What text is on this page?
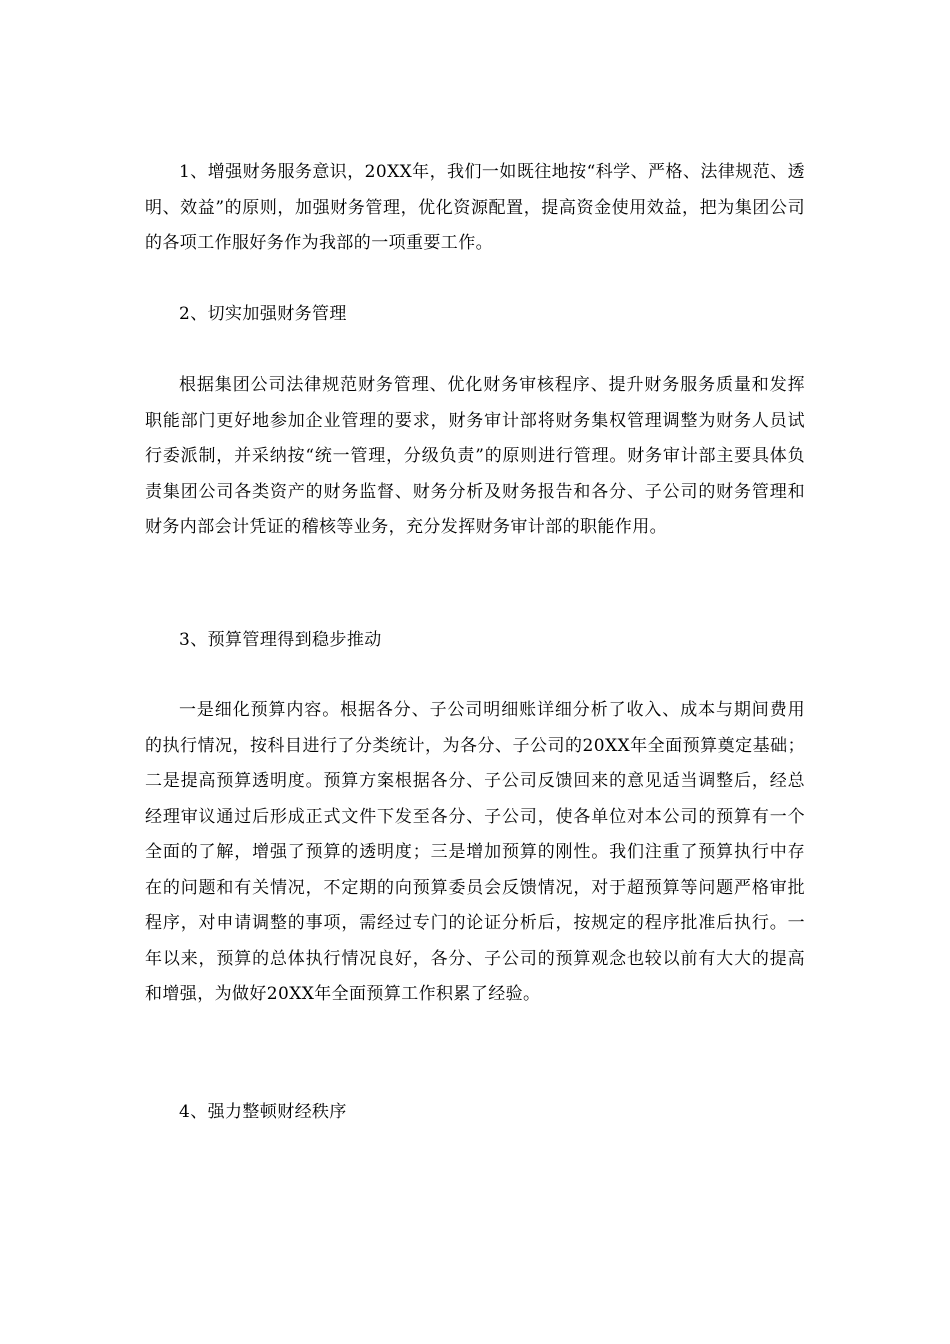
1、增强财务服务意识，20XX年，我们一如既往地按“科学、严格、法律规范、透明、效益”的原则，加强财务管理，优化资源配置，提高资金使用效益，把为集团公司的各项工作服好务作为我部的一项重要工作。

2、切实加强财务管理

根据集团公司法律规范财务管理、优化财务审核程序、提升财务服务质量和发挥职能部门更好地参加企业管理的要求，财务审计部将财务集权管理调整为财务人员试行委派制，并采纳按“统一管理，分级负责”的原则进行管理。财务审计部主要具体负责集团公司各类资产的财务监督、财务分析及财务报告和各分、子公司的财务管理和财务内部会计凭证的稽核等业务，充分发挥财务审计部的职能作用。

3、预算管理得到稳步推动

一是细化预算内容。根据各分、子公司明细账详细分析了收入、成本与期间费用的执行情况，按科目进行了分类统计，为各分、子公司的20XX年全面预算奠定基础；二是提高预算透明度。预算方案根据各分、子公司反馈回来的意见适当调整后，经总经理审议通过后形成正式文件下发至各分、子公司，使各单位对本公司的预算有一个全面的了解，增强了预算的透明度；三是增加预算的刚性。我们注重了预算执行中存在的问题和有关情况，不定期的向预算委员会反馈情况，对于超预算等问题严格审批程序，对申请调整的事项，需经过专门的论证分析后，按规定的程序批准后执行。一年以来，预算的总体执行情况良好，各分、子公司的预算观念也较以前有大大的提高和增强，为做好20XX年全面预算工作积累了经验。

4、强力整顿财经秩序
